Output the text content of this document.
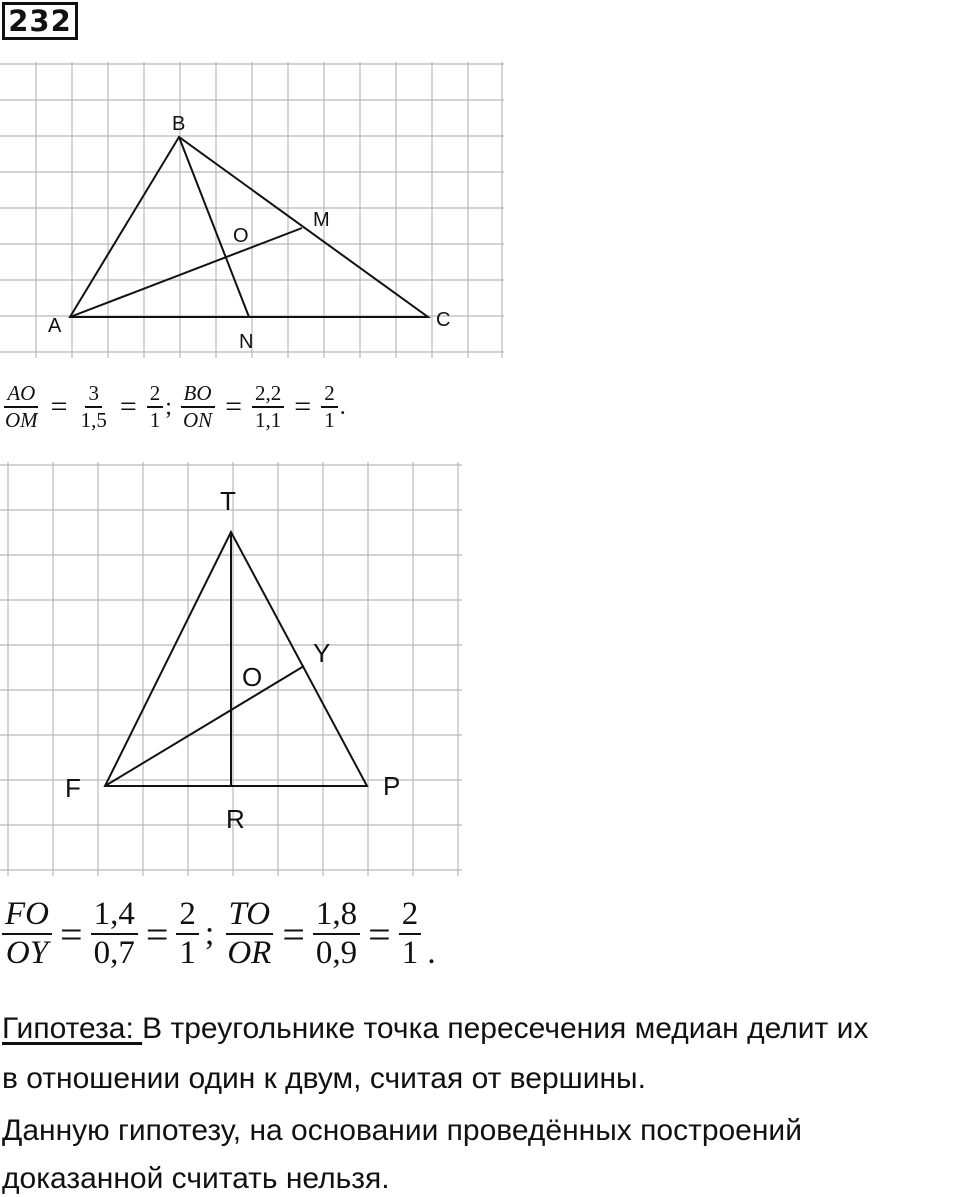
232
B
A	C
M
O
N
$\frac{AO}{OM} = \frac{3}{1,5} = \frac{2}{1}$ ; $\frac{BO}{ON} = \frac{2,2}{1,1} = \frac{2}{1}$ .
T
Y
O
F	P
R
$\frac{FO}{OY} = \frac{1,4}{0,7} = \frac{2}{1}$ ; $\frac{TO}{OR} = \frac{1,8}{0,9} = \frac{2}{1}$ .
Гипотеза: В треугольнике точка пересечения медиан делит их
в отношении один к двум, считая от вершины.
Данную гипотезу, на основании проведённых построений
доказанной считать нельзя.
